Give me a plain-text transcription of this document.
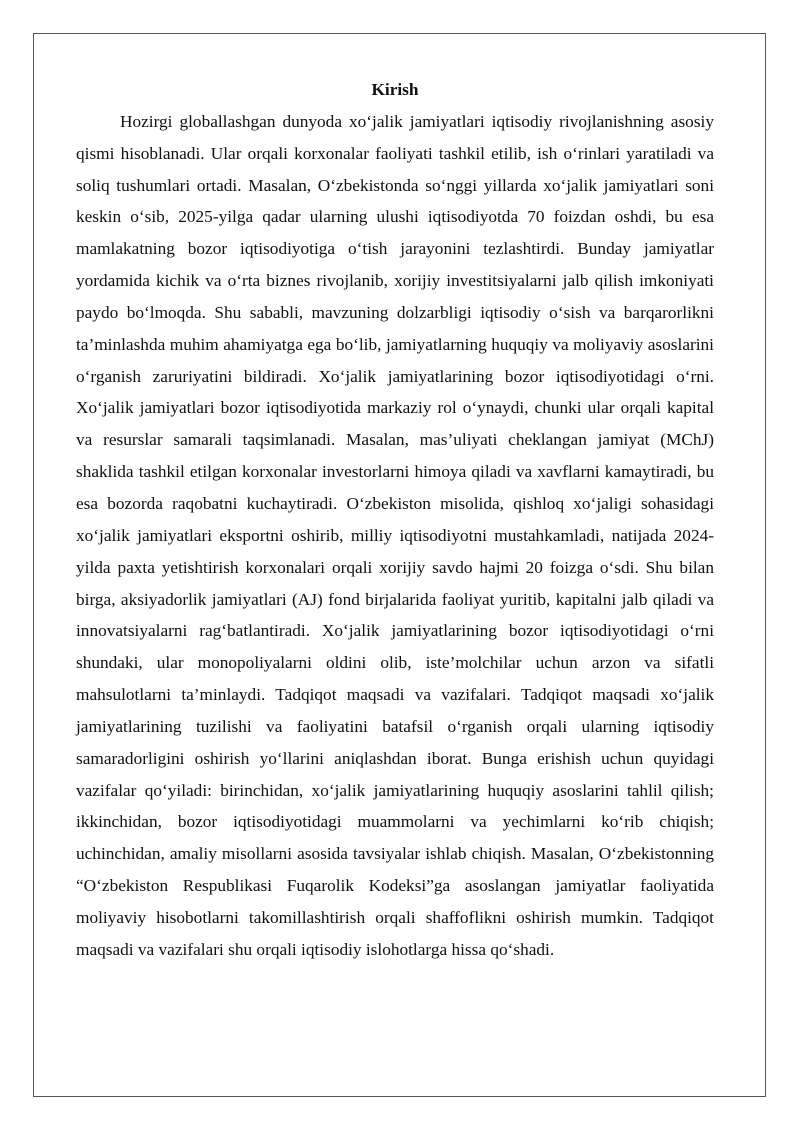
Kirish

Hozirgi globallashgan dunyoda xo‘jalik jamiyatlari iqtisodiy rivojlanishning asosiy qismi hisoblanadi. Ular orqali korxonalar faoliyati tashkil etilib, ish o‘rinlari yaratiladi va soliq tushumlari ortadi. Masalan, O‘zbekistonda so‘nggi yillarda xo‘jalik jamiyatlari soni keskin o‘sib, 2025-yilga qadar ularning ulushi iqtisodiyotda 70 foizdan oshdi, bu esa mamlakatning bozor iqtisodiyotiga o‘tish jarayonini tezlashtirdi. Bunday jamiyatlar yordamida kichik va o‘rta biznes rivojlanib, xorijiy investitsiyalarni jalb qilish imkoniyati paydo bo‘lmoqda. Shu sababli, mavzuning dolzarbligi iqtisodiy o‘sish va barqarorlikni ta’minlashda muhim ahamiyatga ega bo‘lib, jamiyatlarning huquqiy va moliyaviy asoslarini o‘rganish zaruriyatini bildiradi. Xo‘jalik jamiyatlarining bozor iqtisodiyotidagi o‘rni. Xo‘jalik jamiyatlari bozor iqtisodiyotida markaziy rol o‘ynaydi, chunki ular orqali kapital va resurslar samarali taqsimlanadi. Masalan, mas’uliyati cheklangan jamiyat (MChJ) shaklida tashkil etilgan korxonalar investorlarni himoya qiladi va xavflarni kamaytiradi, bu esa bozorda raqobatni kuchaytiradi. O‘zbekiston misolida, qishloq xo‘jaligi sohasidagi xo‘jalik jamiyatlari eksportni oshirib, milliy iqtisodiyotni mustahkamladi, natijada 2024-yilda paxta yetishtirish korxonalari orqali xorijiy savdo hajmi 20 foizga o‘sdi. Shu bilan birga, aksiyadorlik jamiyatlari (AJ) fond birjalarida faoliyat yuritib, kapitalni jalb qiladi va innovatsiyalarni rag‘batlantiradi. Xo‘jalik jamiyatlarining bozor iqtisodiyotidagi o‘rni shundaki, ular monopoliyalarni oldini olib, iste’molchilar uchun arzon va sifatli mahsulotlarni ta’minlaydi. Tadqiqot maqsadi va vazifalari. Tadqiqot maqsadi xo‘jalik jamiyatlarining tuzilishi va faoliyatini batafsil o‘rganish orqali ularning iqtisodiy samaradorligini oshirish yo‘llarini aniqlashdan iborat. Bunga erishish uchun quyidagi vazifalar qo‘yiladi: birinchidan, xo‘jalik jamiyatlarining huquqiy asoslarini tahlil qilish; ikkinchidan, bozor iqtisodiyotidagi muammolarni va yechimlarni ko‘rib chiqish; uchinchidan, amaliy misollarni asosida tavsiyalar ishlab chiqish. Masalan, O‘zbekistonning “O‘zbekiston Respublikasi Fuqarolik Kodeksi”ga asoslangan jamiyatlar faoliyatida moliyaviy hisobotlarni takomillashtirish orqali shaffoflikni oshirish mumkin. Tadqiqot maqsadi va vazifalari shu orqali iqtisodiy islohotlarga hissa qo‘shadi.
